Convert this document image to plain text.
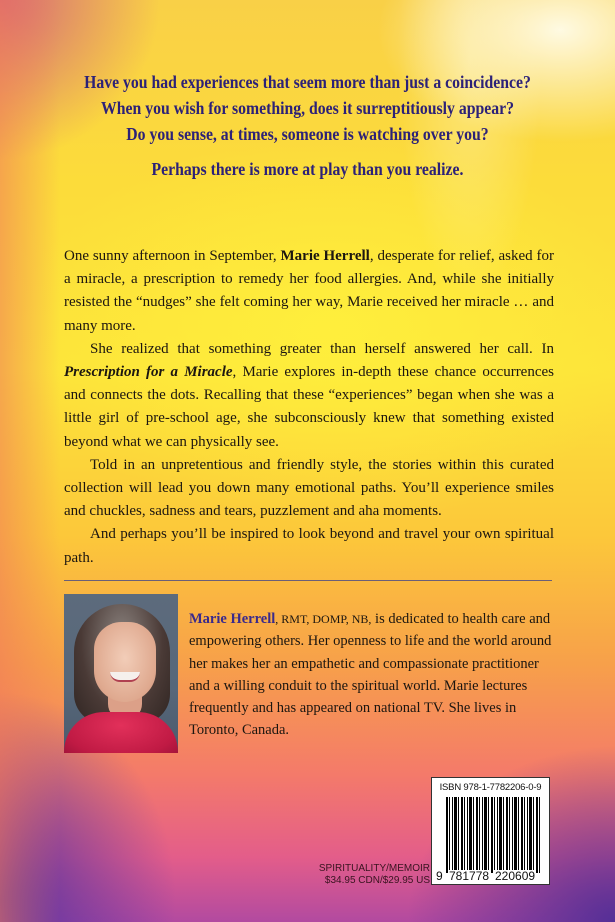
Have you had experiences that seem more than just a coincidence?

When you wish for something, does it surreptitiously appear?

Do you sense, at times, someone is watching over you?

Perhaps there is more at play than you realize.

One sunny afternoon in September, Marie Herrell, desperate for relief, asked for a miracle, a prescription to remedy her food allergies. And, while she initially resisted the “nudges” she felt coming her way, Marie received her miracle … and many more.

She realized that something greater than herself answered her call. In Prescription for a Miracle, Marie explores in-depth these chance occurrences and connects the dots. Recalling that these “experiences” began when she was a little girl of pre-school age, she subconsciously knew that something existed beyond what we can physically see.

Told in an unpretentious and friendly style, the stories within this curated collection will lead you down many emotional paths. You’ll experience smiles and chuckles, sadness and tears, puzzlement and aha moments.

And perhaps you’ll be inspired to look beyond and travel your own spiritual path.

Marie Herrell, RMT, DOMP, NB, is dedicated to health care and empowering others. Her openness to life and the world around her makes her an empathetic and compassionate practitioner and a willing conduit to the spiritual world. Marie lectures frequently and has appeared on national TV. She lives in Toronto, Canada.

SPIRITUALITY/MEMOIR
$34.95 CDN/$29.95 US
ISBN 978-1-7782206-0-9
9 781778 220609
